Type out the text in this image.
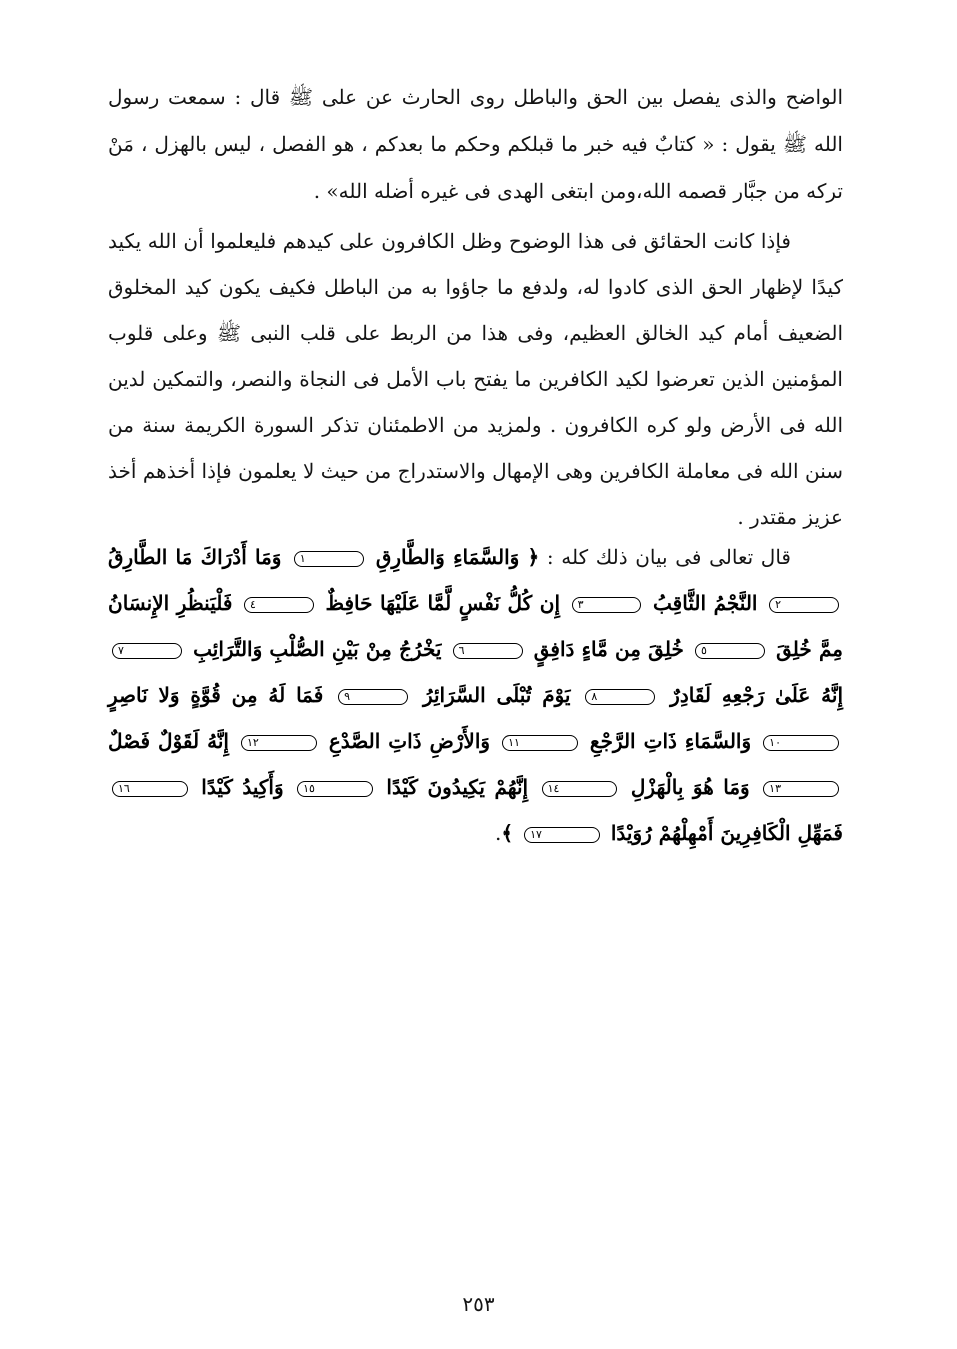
الواضح والذى يفصل بين الحق والباطل روى الحارث عن على ﷺ قال : سمعت رسول الله ﷺ يقول : « كتابٌ فيه خبر ما قبلكم وحكم ما بعدكم ، هو الفصل ، ليس بالهزل ، مَنْ تركه من جبَّار قصمه الله،ومن ابتغى الهدى فى غيره أضله الله» .

فإذا كانت الحقائق فى هذا الوضوح وظل الكافرون على كيدهم فليعلموا أن الله يكيد كيدًا لإظهار الحق الذى كادوا له، ولدفع ما جاؤوا به من الباطل فكيف يكون كيد المخلوق الضعيف أمام كيد الخالق العظيم، وفى هذا من الربط على قلب النبى ﷺ وعلى قلوب المؤمنين الذين تعرضوا لكيد الكافرين ما يفتح باب الأمل فى النجاة والنصر، والتمكين لدين الله فى الأرض ولو كره الكافرون . ولمزيد من الاطمئنان تذكر السورة الكريمة سنة من سنن الله فى معاملة الكافرين وهى الإمهال والاستدراج من حيث لا يعلمون فإذا أخذهم أخذ عزيز مقتدر .

قال تعالى فى بيان ذلك كله : ﴿ وَالسَّمَاءِ وَالطَّارِقِ ١ وَمَا أَدْرَاكَ مَا الطَّارِقُ ٢ النَّجْمُ الثَّاقِبُ ٣ إِن كُلُّ نَفْسٍ لَّمَّا عَلَيْهَا حَافِظٌ ٤ فَلْيَنظُرِ الإِنسَانُ مِمَّ خُلِقَ ٥ خُلِقَ مِن مَّاءٍ دَافِقٍ ٦ يَخْرُجُ مِنْ بَيْنِ الصُّلْبِ وَالتَّرَائِبِ ٧ إِنَّهُ عَلَىٰ رَجْعِهِ لَقَادِرٌ ٨ يَوْمَ تُبْلَى السَّرَائِرُ ٩ فَمَا لَهُ مِن قُوَّةٍ وَلا نَاصِرٍ ١٠ وَالسَّمَاءِ ذَاتِ الرَّجْعِ ١١ وَالأَرْضِ ذَاتِ الصَّدْعِ ١٢ إِنَّهُ لَقَوْلٌ فَصْلٌ ١٣ وَمَا هُوَ بِالْهَزْلِ ١٤ إِنَّهُمْ يَكِيدُونَ كَيْدًا ١٥ وَأَكِيدُ كَيْدًا ١٦ فَمَهِّلِ الْكَافِرِينَ أَمْهِلْهُمْ رُوَيْدًا ١٧ ﴾.

٢٥٣
